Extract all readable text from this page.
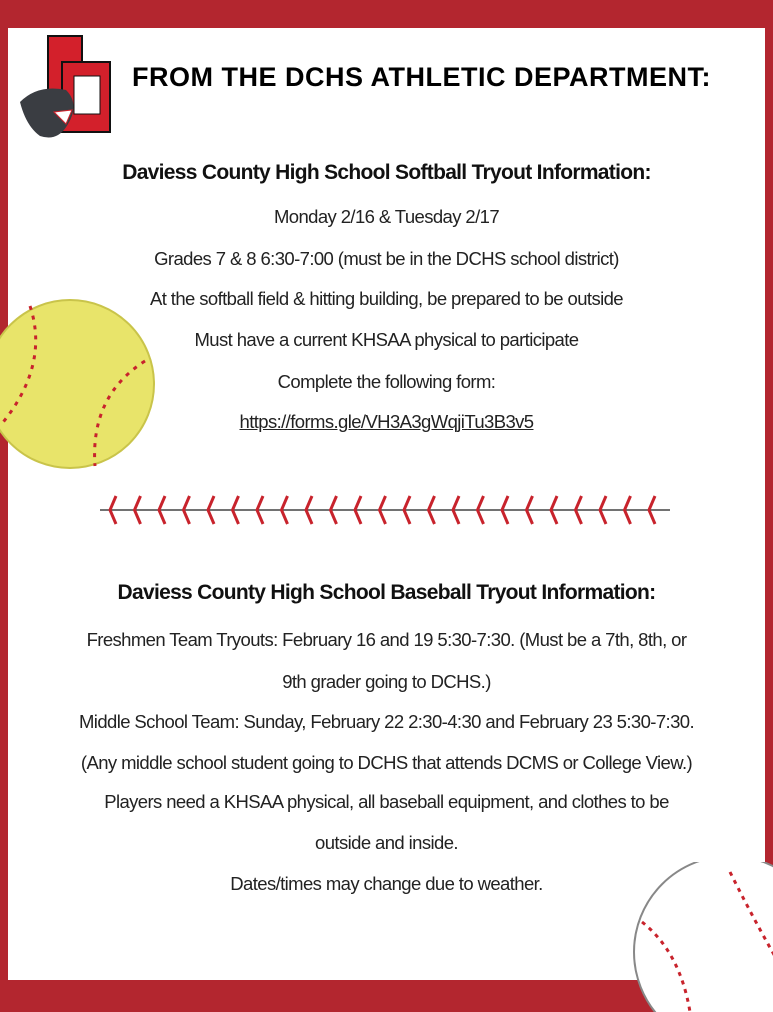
FROM THE DCHS ATHLETIC DEPARTMENT:
Daviess County High School Softball Tryout Information:
Monday 2/16 & Tuesday 2/17
Grades 7 & 8 6:30-7:00 (must be in the DCHS school district)
At the softball field & hitting building, be prepared to be outside
Must have a current KHSAA physical to participate
Complete the following form:
https://forms.gle/VH3A3gWqjiTu3B3v5
Daviess County High School Baseball Tryout Information:
Freshmen Team Tryouts: February 16 and 19 5:30-7:30. (Must be a 7th, 8th, or
9th grader going to DCHS.)
Middle School Team: Sunday, February 22 2:30-4:30 and February 23 5:30-7:30.
(Any middle school student going to DCHS that attends DCMS or College View.)
Players need a KHSAA physical, all baseball equipment, and clothes to be
outside and inside.
Dates/times may change due to weather.
